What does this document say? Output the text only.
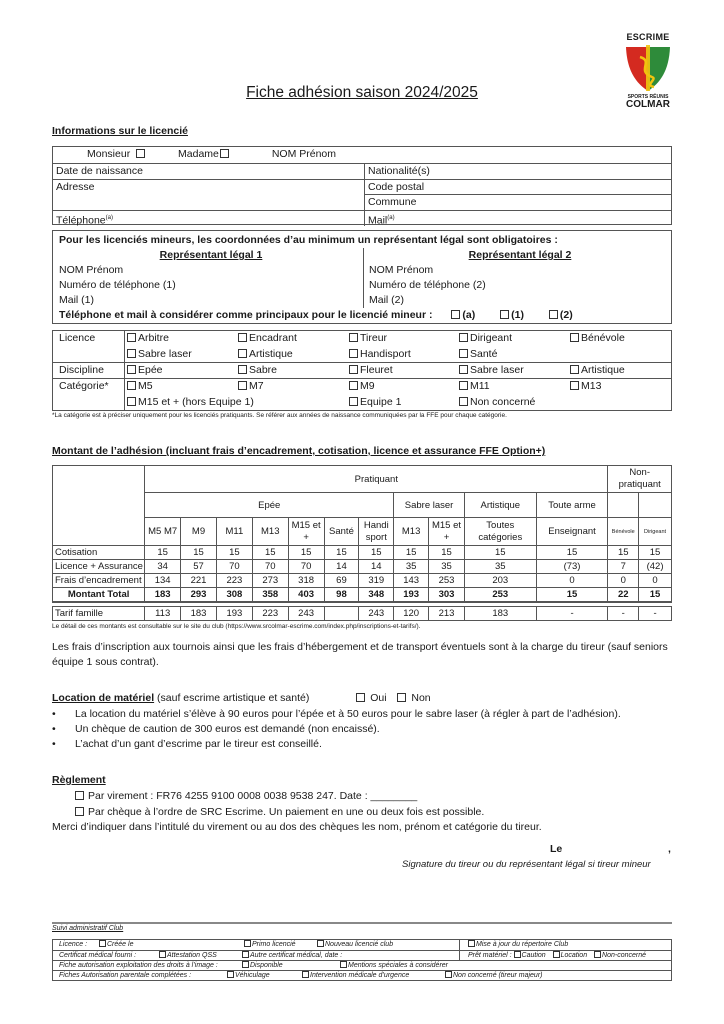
ESCRIME
SPORTS RÉUNIS
COLMAR
Fiche adhésion saison 2024/2025
Informations sur le licencié
Monsieur	Madame	NOM Prénom
Date de naissance	Nationalité(s)
Adresse	Code postal
Commune
Téléphone$^{(a)}$	Mail$^{(a)}$
Pour les licenciés mineurs, les coordonnées d’au minimum un représentant légal sont obligatoires :
Représentant légal 1
NOM Prénom
Numéro de téléphone (1)
Mail (1)
Représentant légal 2
NOM Prénom
Numéro de téléphone (2)
Mail (2)
Téléphone et mail à considérer comme principaux pour le licencié mineur :	(a)	(1)	(2)
Licence	Arbitre	Encadrant	Tireur	Dirigeant	Bénévole
Sabre laser	Artistique	Handisport	Santé
Discipline	Epée	Sabre	Fleuret	Sabre laser	Artistique
Catégorie*	M5	M7	M9	M11	M13
M15 et + (hors Equipe 1)	Equipe 1	Non concerné
*La catégorie est à préciser uniquement pour les licenciés pratiquants. Se référer aux années de naissance communiquées par la FFE pour chaque catégorie.
Montant de l’adhésion (incluant frais d’encadrement, cotisation, licence et assurance FFE Option+)
	Pratiquant											Non-pratiquant	
	Epée							Sabre laser		Artistique	Toute arme		
	M5 M7	M9	M11	M13	M15 et +	Santé	Handi sport	M13	M15 et +	Toutes catégories	Enseignant	Bénévole	Dirigeant
Cotisation	15	15	15	15	15	15	15	15	15	15	15	15	15
Licence + Assurance	34	57	70	70	70	14	14	35	35	35	(73)	7	(42)
Frais d’encadrement	134	221	223	273	318	69	319	143	253	203	0	0	0
Montant Total	183	293	308	358	403	98	348	193	303	253	15	22	15
Tarif famille	113	183	193	223	243		243	120	213	183	-	-	-
Le détail de ces montants est consultable sur le site du club (https://www.srcolmar-escrime.com/index.php/inscriptions-et-tarifs/).
Les frais d’inscription aux tournois ainsi que les frais d’hébergement et de transport éventuels sont à la charge du tireur (sauf seniors équipe 1 sous contrat).
Location de matériel (sauf escrime artistique et santé)	Oui Non
• La location du matériel s’élève à 90 euros pour l’épée et à 50 euros pour le sabre laser (à régler à part de l’adhésion).
• Un chèque de caution de 300 euros est demandé (non encaissé).
• L’achat d’un gant d’escrime par le tireur est conseillé.
Règlement
Par virement : FR76 4255 9100 0008 0038 9538 247. Date : ________
Par chèque à l’ordre de SRC Escrime. Un paiement en une ou deux fois est possible.
Merci d’indiquer dans l’intitulé du virement ou au dos des chèques les nom, prénom et catégorie du tireur.
Le	,
Signature du tireur ou du représentant légal si tireur mineur
Suivi administratif Club
Licence :	Créée le	Primo licencié	Nouveau licencié club	Mise à jour du répertoire Club
Certificat médical fourni :	Attestation QSS	Autre certificat médical, date :	Prêt matériel : Caution Location Non-concerné
Fiche autorisation exploitation des droits à l’image :	Disponible	Mentions spéciales à considérer
Fiches Autorisation parentale complétées :	Véhiculage	Intervention médicale d’urgence	Non concerné (tireur majeur)
